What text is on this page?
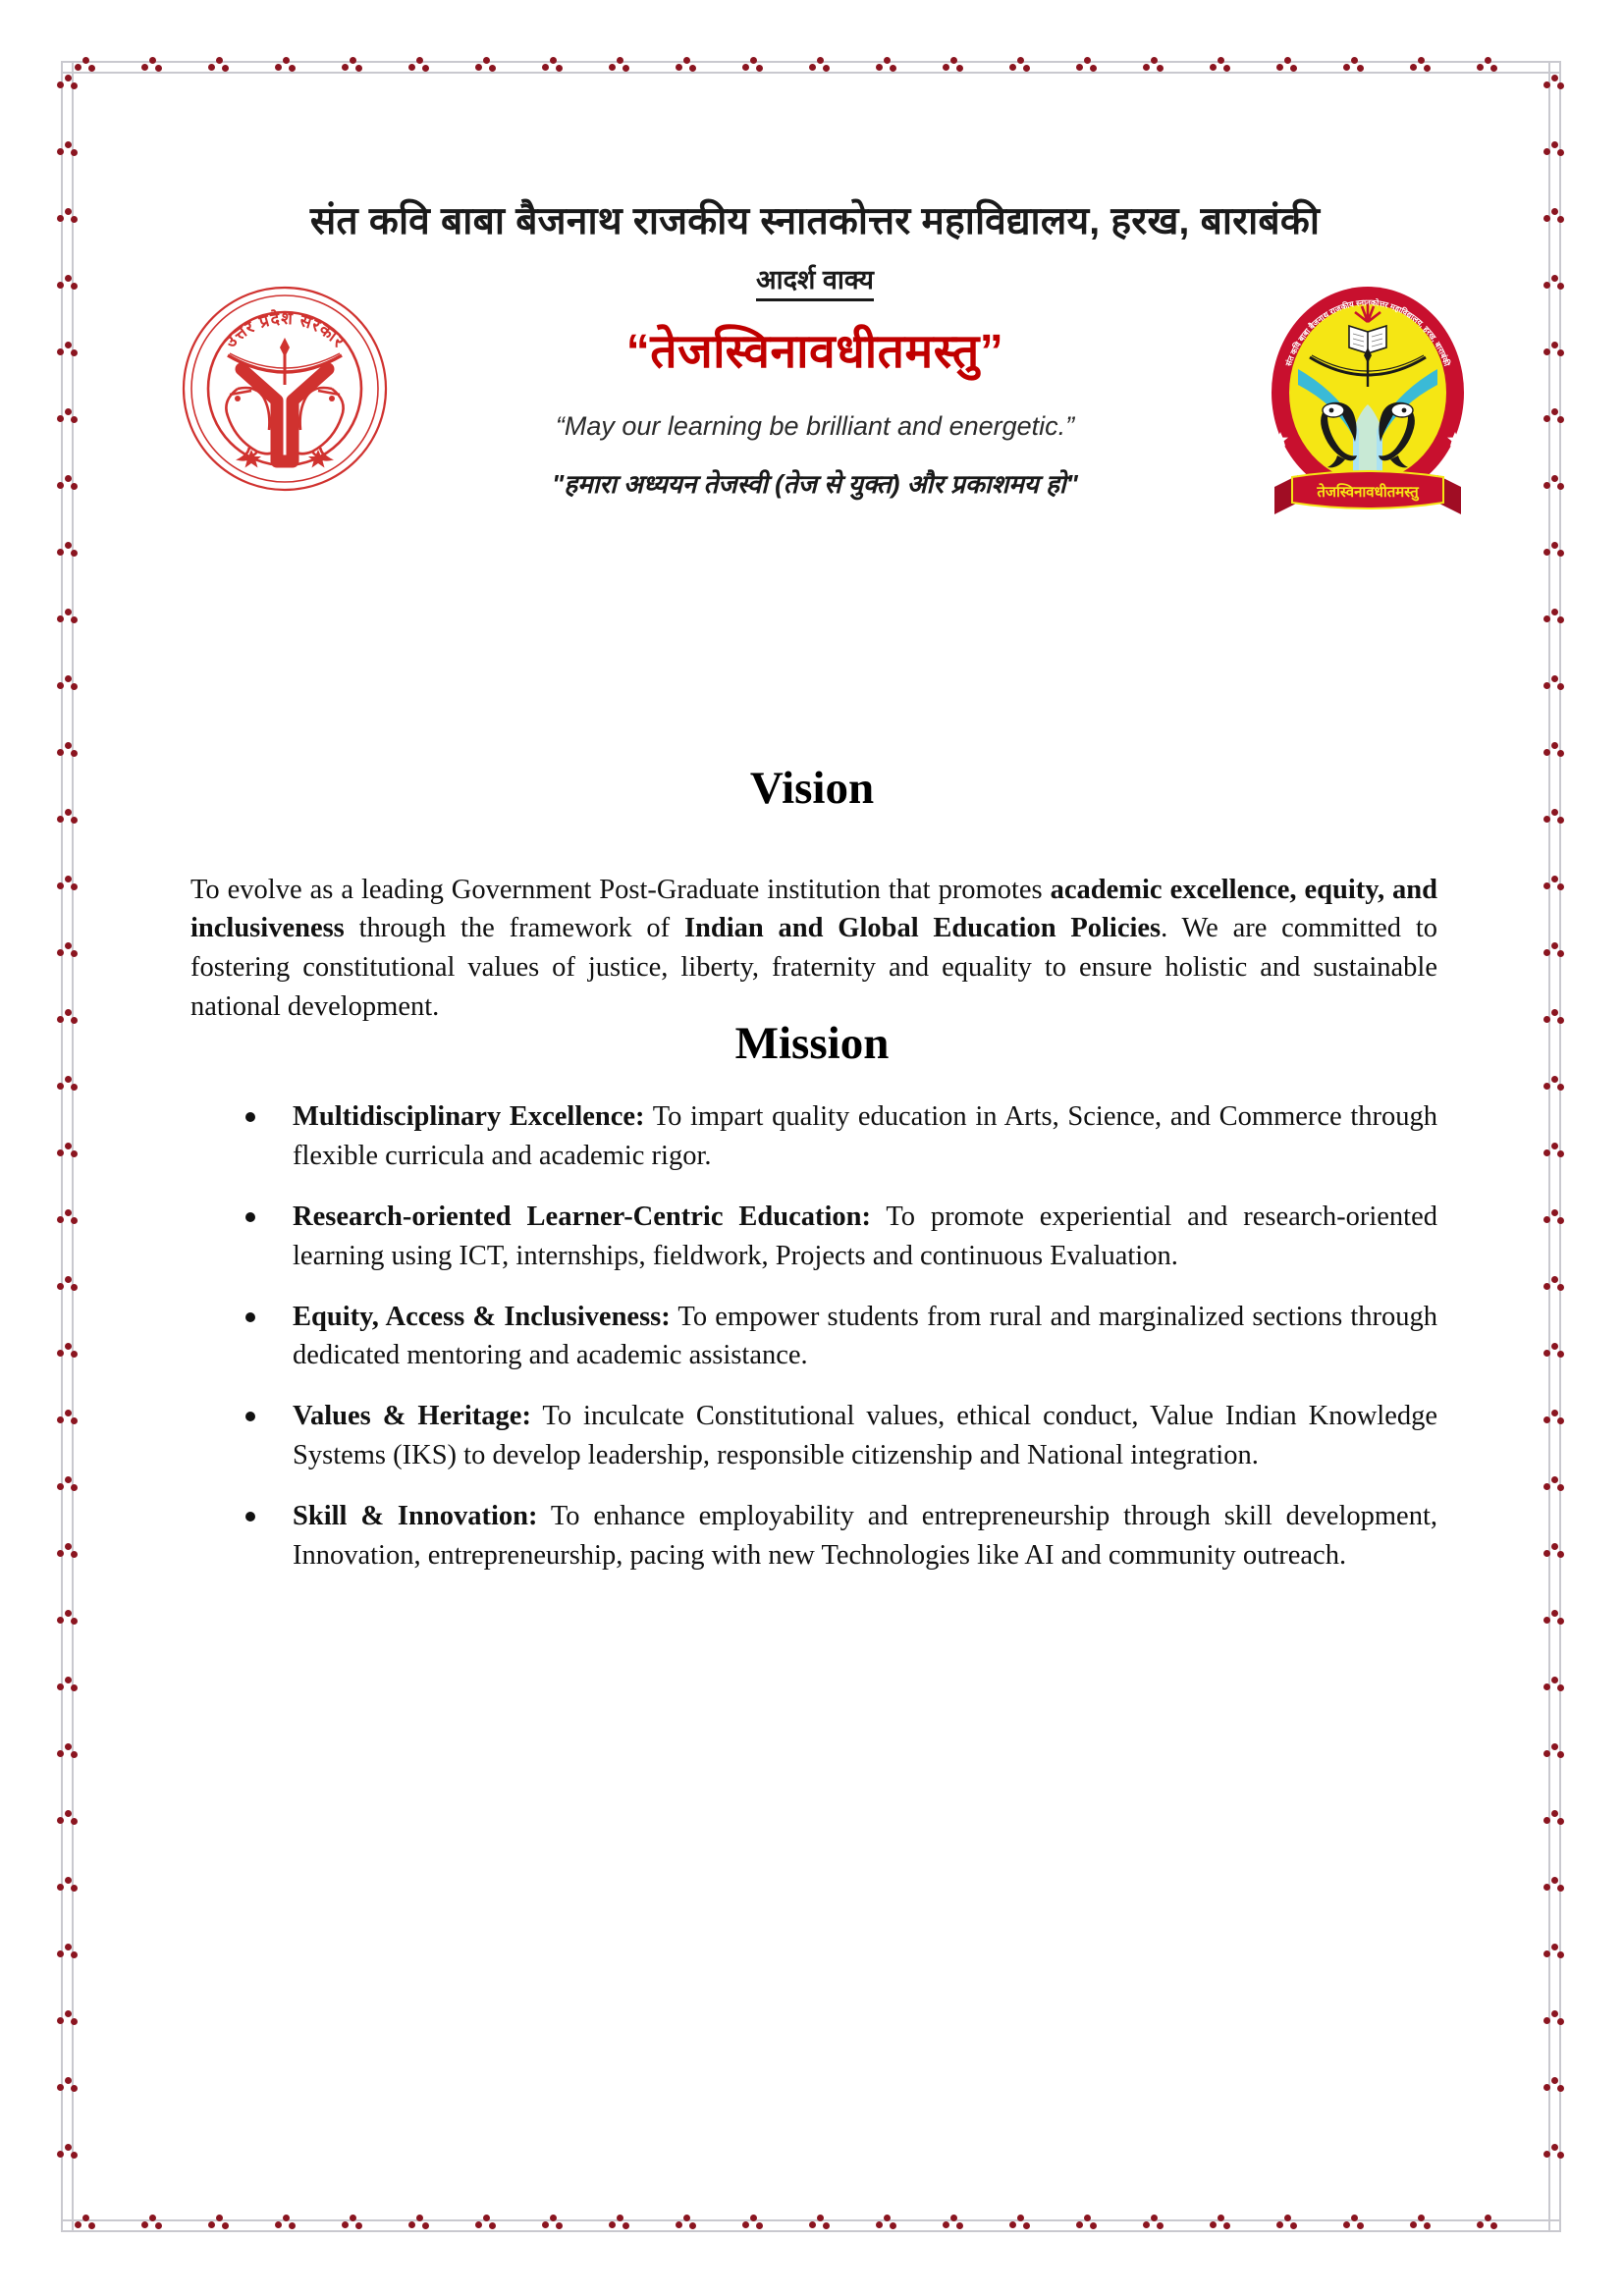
उत्तर प्रदेश सरकार
संत कवि बाबा बैजनाथ राजकीय स्नातकोत्तर महाविद्यालय, हरख, बाराबंकी
तेजस्विनावधीतमस्तु
संत कवि बाबा बैजनाथ राजकीय स्नातकोत्तर महाविद्यालय, हरख, बाराबंकी
आदर्श वाक्य
“तेजस्विनावधीतमस्तु”
“May our learning be brilliant and energetic.”
"हमारा अध्ययन तेजस्वी (तेज से युक्त) और प्रकाशमय हो"
Vision

To evolve as a leading Government Post-Graduate institution that promotes academic excellence, equity, and inclusiveness through the framework of Indian and Global Education Policies. We are committed to fostering constitutional values of justice, liberty, fraternity and equality to ensure holistic and sustainable national development.

Mission
Multidisciplinary Excellence: To impart quality education in Arts, Science, and Commerce through flexible curricula and academic rigor.
Research-oriented Learner-Centric Education: To promote experiential and research-oriented learning using ICT, internships, fieldwork, Projects and continuous Evaluation.
Equity, Access & Inclusiveness: To empower students from rural and marginalized sections through dedicated mentoring and academic assistance.
Values & Heritage: To inculcate Constitutional values, ethical conduct, Value Indian Knowledge Systems (IKS) to develop leadership, responsible citizenship and National integration.
Skill & Innovation: To enhance employability and entrepreneurship through skill development, Innovation, entrepreneurship, pacing with new Technologies like AI and community outreach.
